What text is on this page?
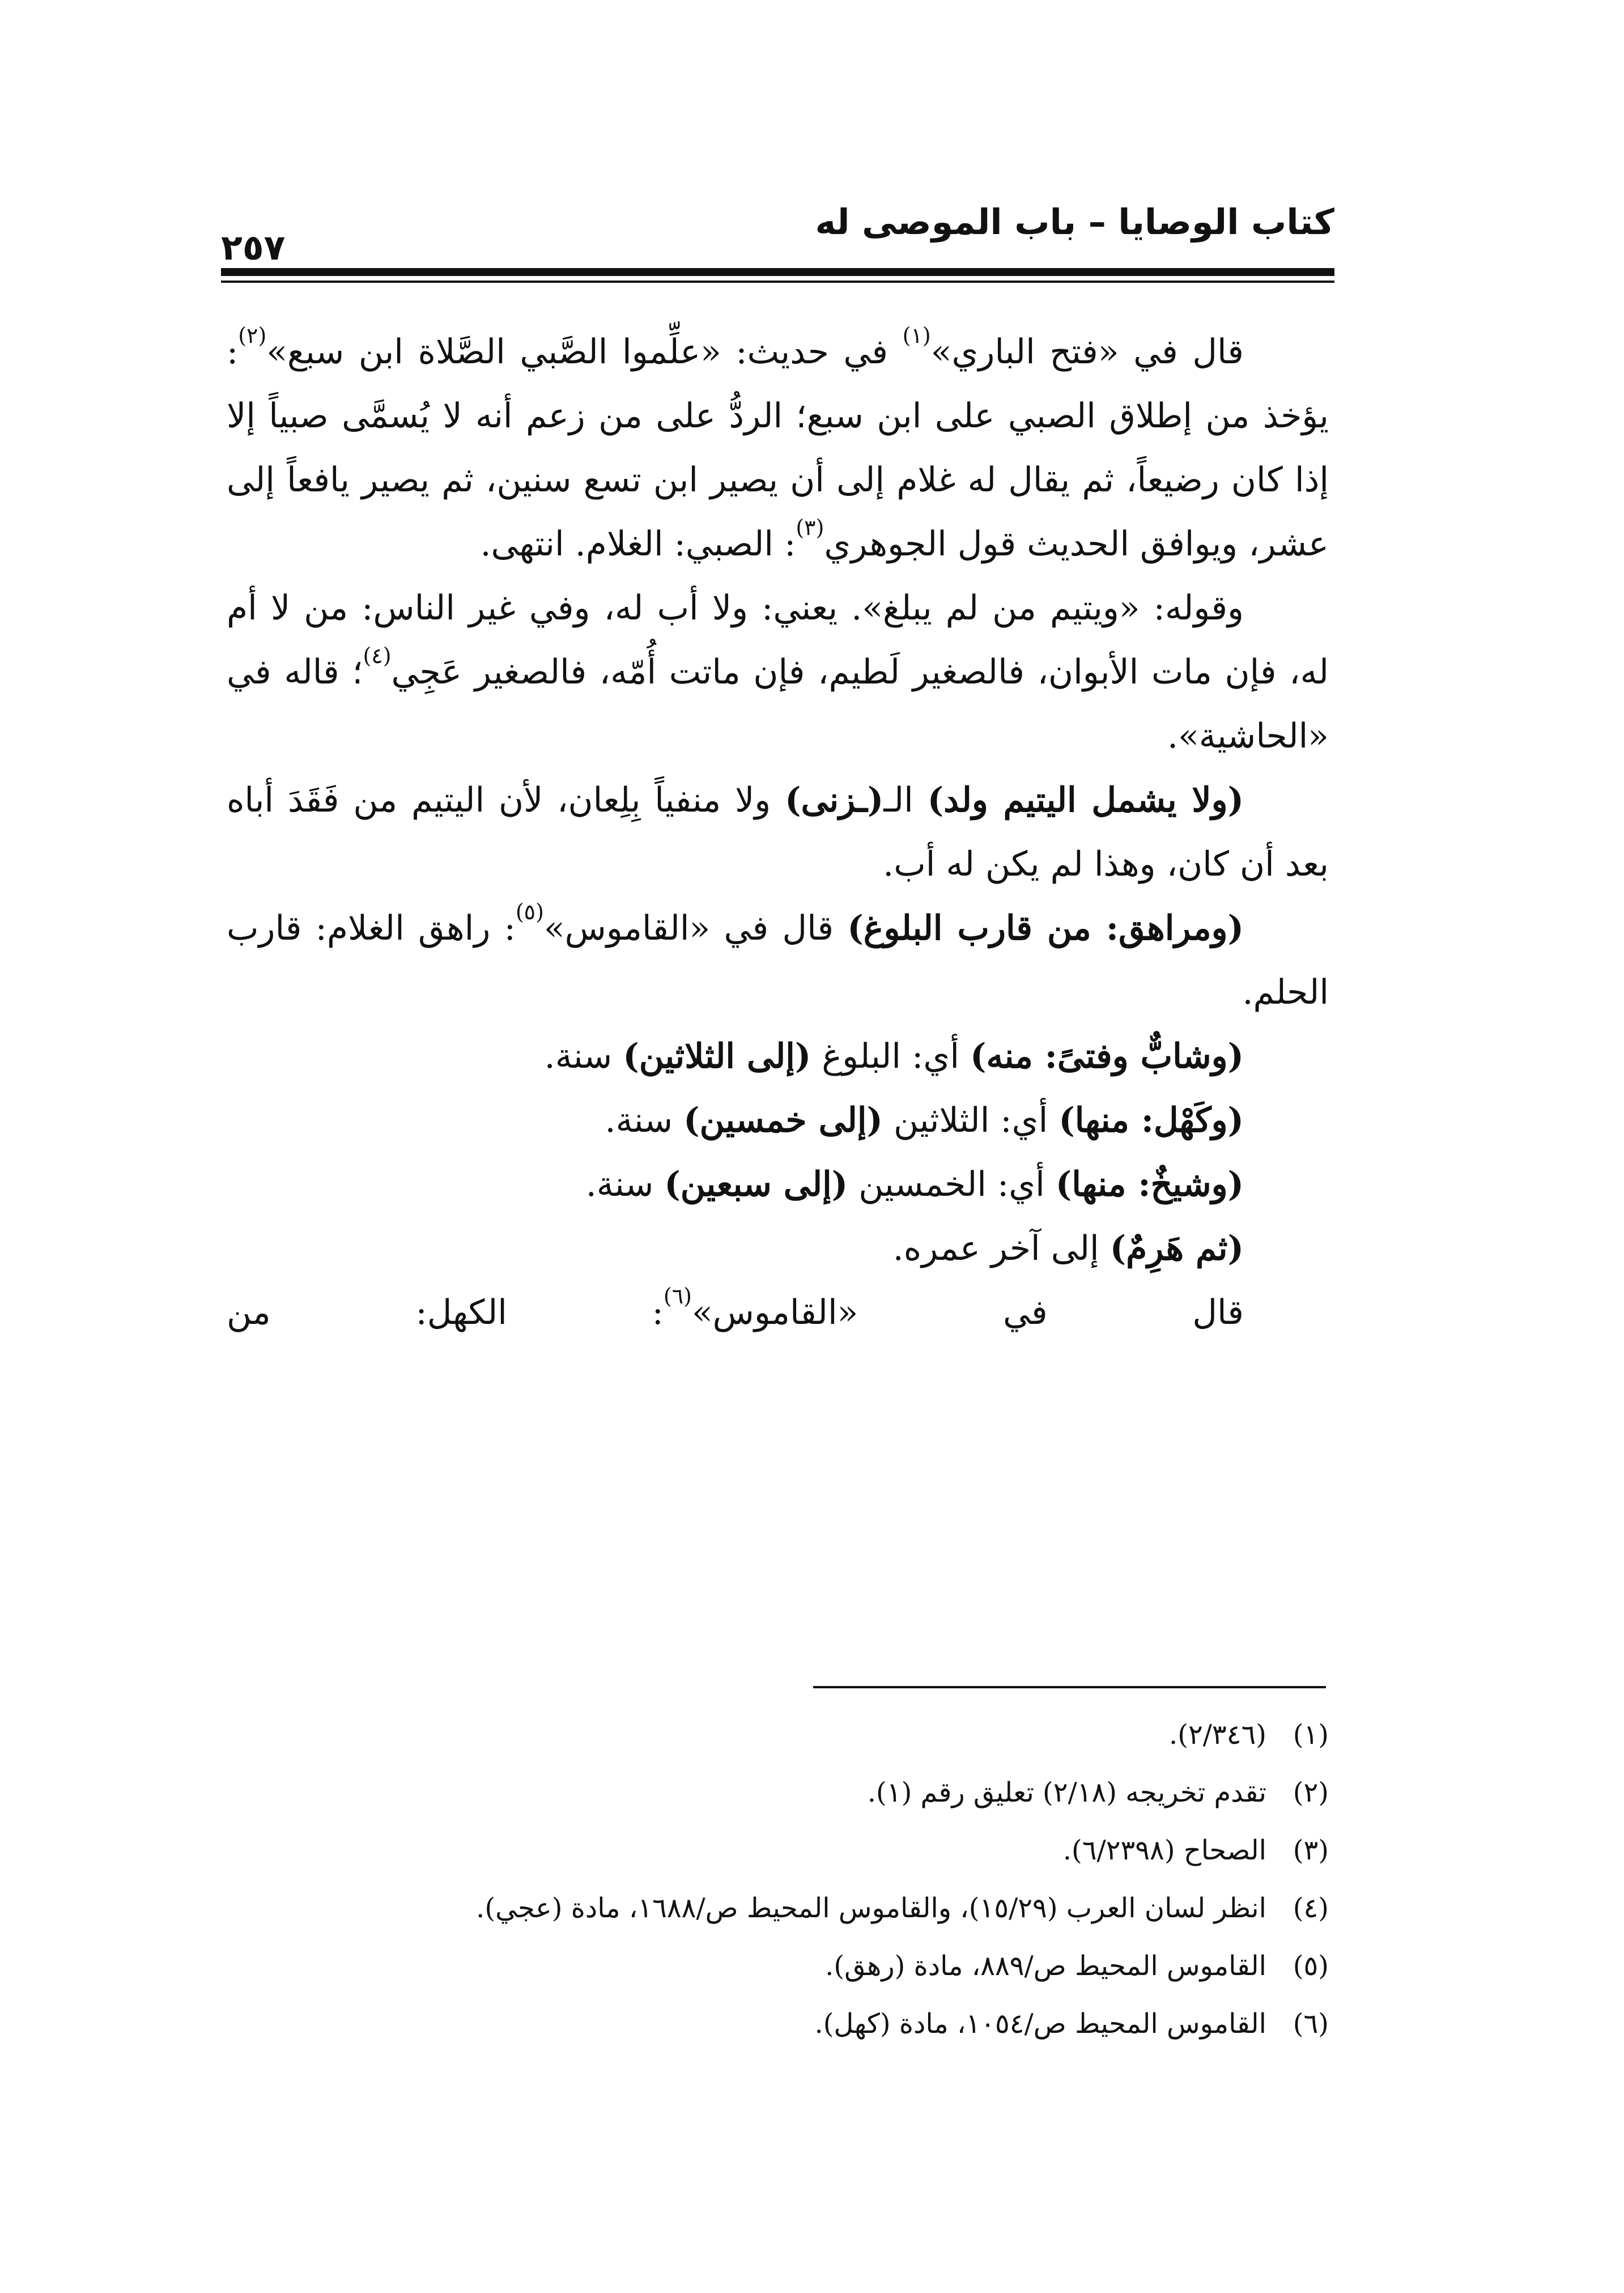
كتاب الوصايا – باب الموصى له
٢٥٧

قال في «فتح الباري»$^{(١)}$ في حديث: «علِّموا الصَّبي الصَّلاة ابن سبع»$^{(٢)}$: يؤخذ من إطلاق الصبي على ابن سبع؛ الردُّ على من زعم أنه لا يُسمَّى صبياً إلا إذا كان رضيعاً، ثم يقال له غلام إلى أن يصير ابن تسع سنين، ثم يصير يافعاً إلى عشر، ويوافق الحديث قول الجوهري$^{(٣)}$: الصبي: الغلام. انتهى.

وقوله: «ويتيم من لم يبلغ». يعني: ولا أب له، وفي غير الناس: من لا أم له، فإن مات الأبوان، فالصغير لَطيم، فإن ماتت أُمّه، فالصغير عَجِي$^{(٤)}$؛ قاله في «الحاشية».

(ولا يشمل اليتيم ولد) الـ(ـزنى) ولا منفياً بِلِعان، لأن اليتيم من فَقَدَ أباه بعد أن كان، وهذا لم يكن له أب.

(ومراهق: من قارب البلوغ) قال في «القاموس»$^{(٥)}$: راهق الغلام: قارب الحلم.

(وشابٌّ وفتىً: منه) أي: البلوغ (إلى الثلاثين) سنة.

(وكَهْل: منها) أي: الثلاثين (إلى خمسين) سنة.

(وشيخٌ: منها) أي: الخمسين (إلى سبعين) سنة.

(ثم هَرِمٌ) إلى آخر عمره.

قال في «القاموس»$^{(٦)}$: الكهل: من

(١)(٢/٣٤٦).
(٢)تقدم تخريجه (٢/١٨) تعليق رقم (١).
(٣)الصحاح (٦/٢٣٩٨).
(٤)انظر لسان العرب (١٥/٢٩)، والقاموس المحيط ص/١٦٨٨، مادة (عجي).
(٥)القاموس المحيط ص/٨٨٩، مادة (رهق).
(٦)القاموس المحيط ص/١٠٥٤، مادة (كهل).
